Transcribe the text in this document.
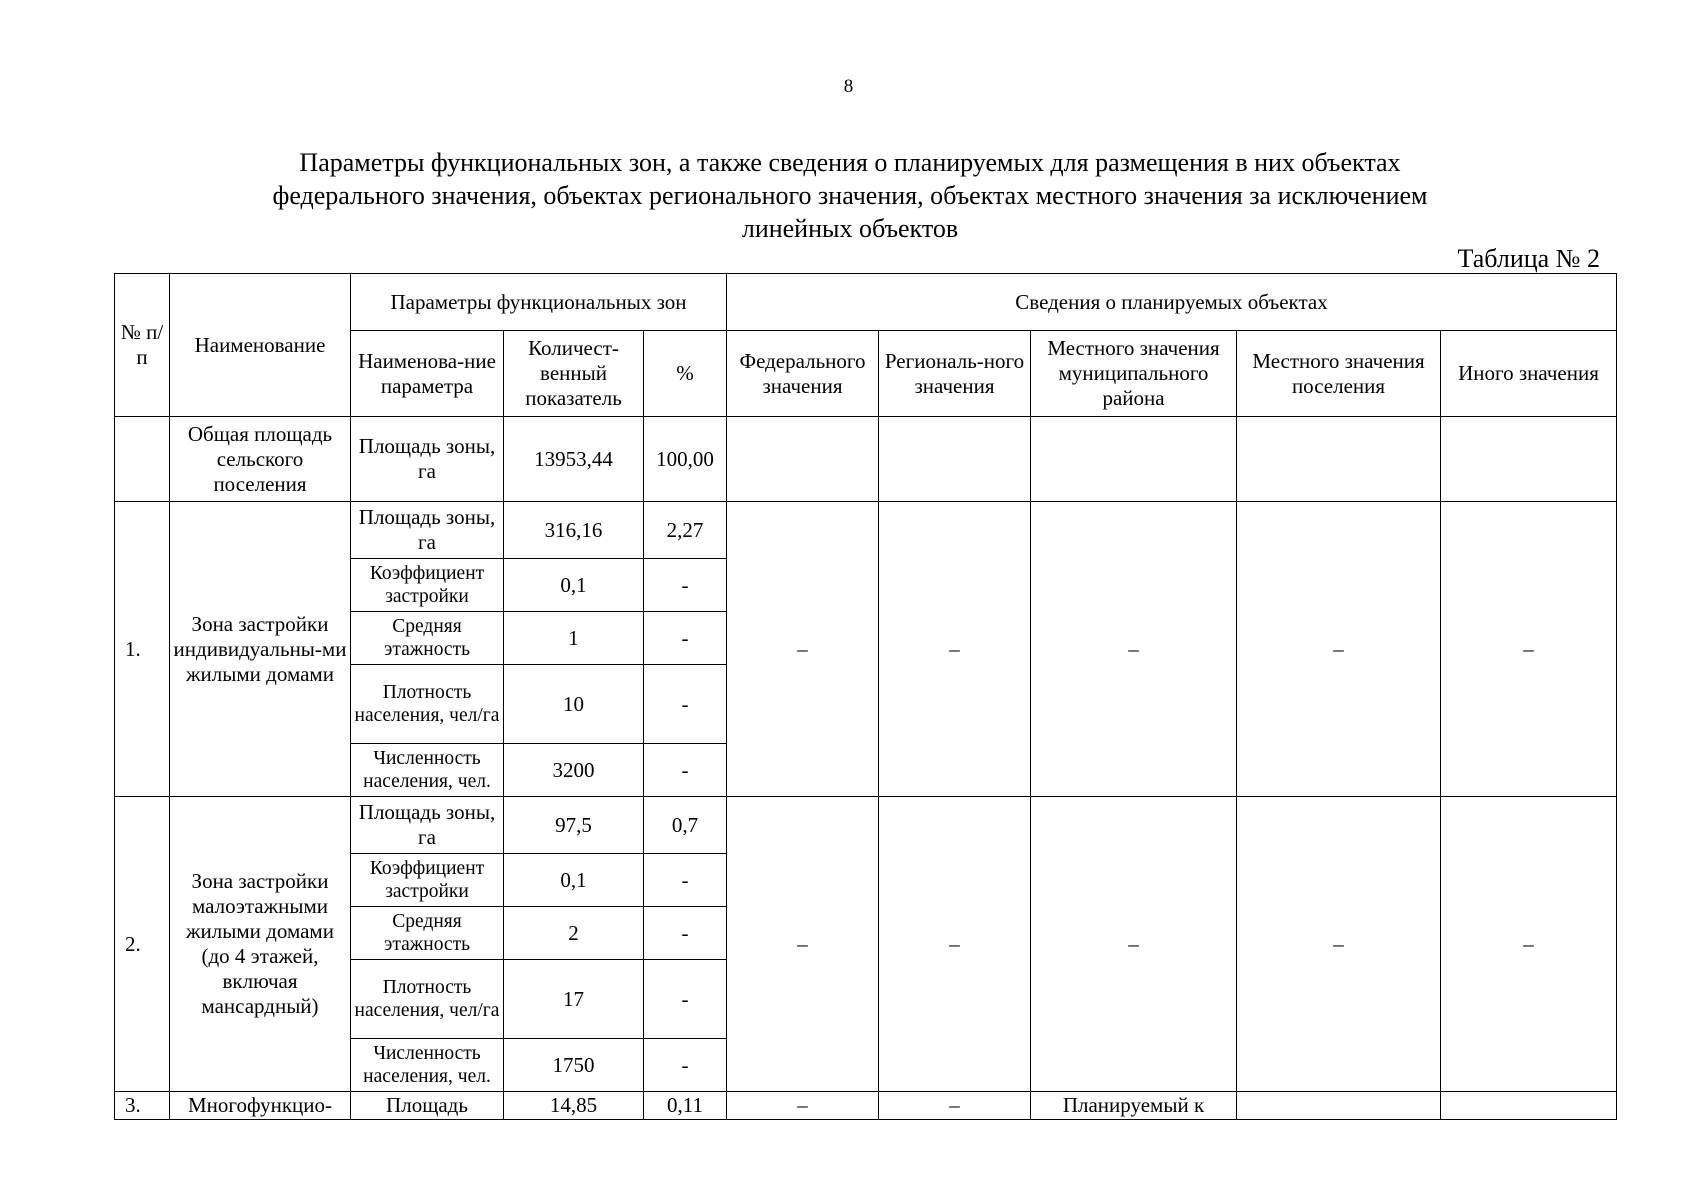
8
Параметры функциональных зон, а также сведения о планируемых для размещения в них объектах
федерального значения, объектах регионального значения, объектах местного значения за исключением
линейных объектов
Таблица № 2
№ п/п	Наименование	Параметры функциональных зон			Сведения о планируемых объектах				
		Наименова-ние параметра	Количест-венный показатель	%	Федерального значения	Региональ-ного значения	Местного значения муниципального района	Местного значения поселения	Иного значения
	Общая площадь сельского поселения	Площадь зоны, га	13953,44	100,00					
1.	Зона застройки индивидуальны-ми жилыми домами	Площадь зоны, га	316,16	2,27	–	–	–	–	–
		Коэффициент застройки	0,1	-					
		Средняя этажность	1	-					
		Плотность населения, чел/га	10	-					
		Численность населения, чел.	3200	-					
2.	Зона застройки малоэтажными жилыми домами (до 4 этажей, включая мансардный)	Площадь зоны, га	97,5	0,7	–	–	–	–	–
		Коэффициент застройки	0,1	-					
		Средняя этажность	2	-					
		Плотность населения, чел/га	17	-					
		Численность населения, чел.	1750	-					
3.	Многофункцио-	Площадь	14,85	0,11	–	–	Планируемый к		
